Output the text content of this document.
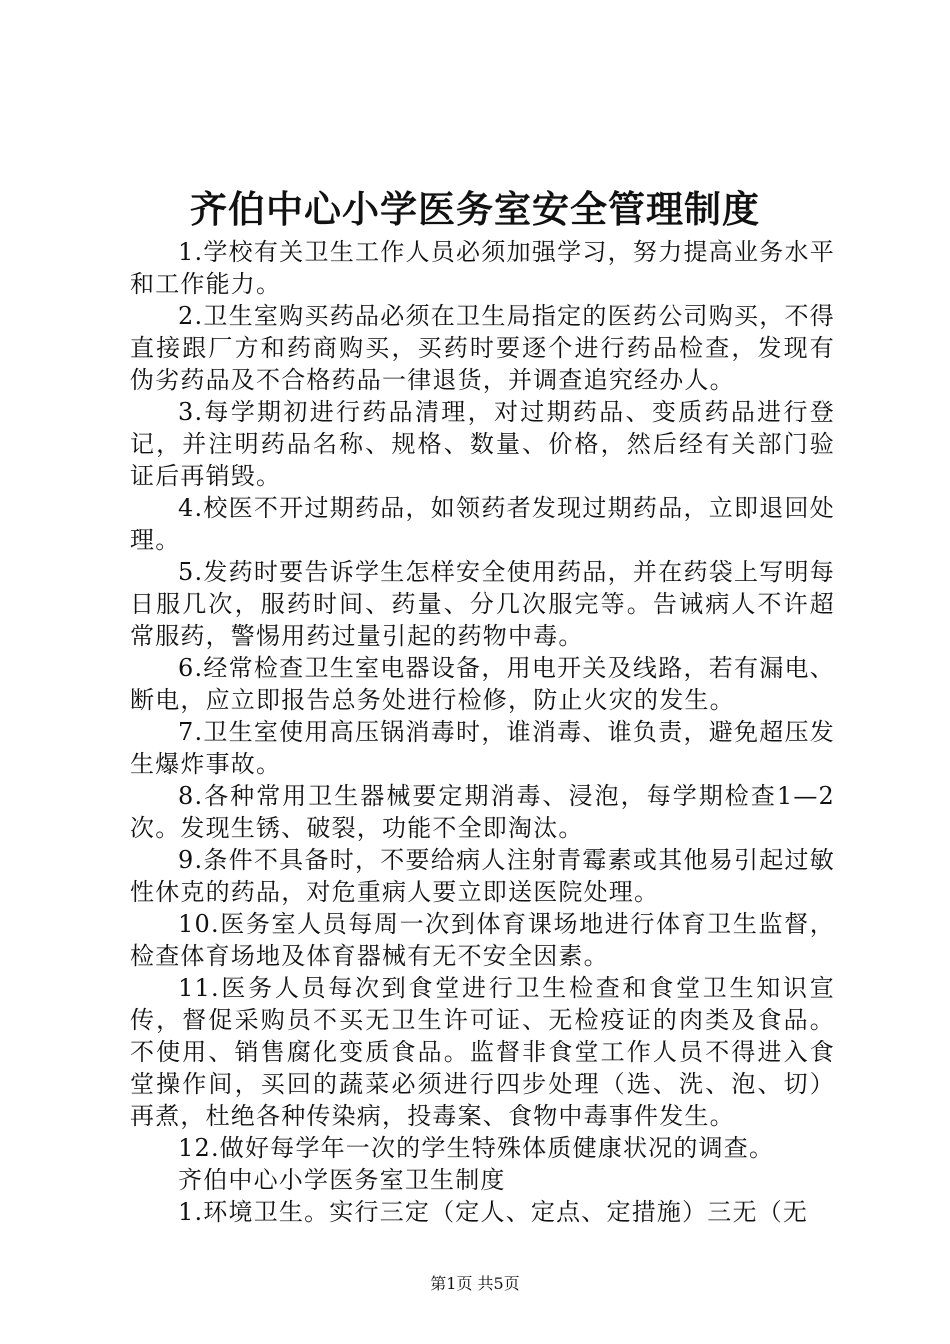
齐伯中心小学医务室安全管理制度

1.学校有关卫生工作人员必须加强学习，努力提高业务水平和工作能力。

2.卫生室购买药品必须在卫生局指定的医药公司购买，不得直接跟厂方和药商购买，买药时要逐个进行药品检查，发现有伪劣药品及不合格药品一律退货，并调查追究经办人。

3.每学期初进行药品清理，对过期药品、变质药品进行登记，并注明药品名称、规格、数量、价格，然后经有关部门验证后再销毁。

4.校医不开过期药品，如领药者发现过期药品，立即退回处理。

5.发药时要告诉学生怎样安全使用药品，并在药袋上写明每日服几次，服药时间、药量、分几次服完等。告诫病人不许超常服药，警惕用药过量引起的药物中毒。

6.经常检查卫生室电器设备，用电开关及线路，若有漏电、断电，应立即报告总务处进行检修，防止火灾的发生。

7.卫生室使用高压锅消毒时，谁消毒、谁负责，避免超压发生爆炸事故。

8.各种常用卫生器械要定期消毒、浸泡，每学期检查1—2次。发现生锈、破裂，功能不全即淘汰。

9.条件不具备时，不要给病人注射青霉素或其他易引起过敏性休克的药品，对危重病人要立即送医院处理。

10.医务室人员每周一次到体育课场地进行体育卫生监督，检查体育场地及体育器械有无不安全因素。

11.医务人员每次到食堂进行卫生检查和食堂卫生知识宣传，督促采购员不买无卫生许可证、无检疫证的肉类及食品。不使用、销售腐化变质食品。监督非食堂工作人员不得进入食堂操作间，买回的蔬菜必须进行四步处理（选、洗、泡、切）再煮，杜绝各种传染病，投毒案、食物中毒事件发生。

12.做好每学年一次的学生特殊体质健康状况的调查。

齐伯中心小学医务室卫生制度

1.环境卫生。实行三定（定人、定点、定措施）三无（无

第1页 共5页
